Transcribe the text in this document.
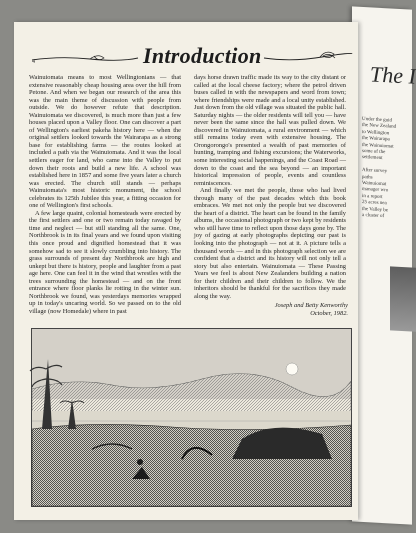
The I
Under the guid
the New Zealand
to Wellington
the Wairarapa
the Wainuiomat
some of the
settlement

After survey
paths
Wainuiomat
manager wro
in a report
25 acres nea
the Valley be
a cluster of
4	Introduction

Wainuiomata means to most Wellingtonians — that extensive reasonably cheap housing area over the hill from Petone. And when we began our research of the area this was the main theme of discussion with people from outside. We do however refute that description. Wainuiomata we discovered, is much more than just a few houses placed upon a Valley floor. One can discover a part of Wellington's earliest pakeha history here — when the original settlers looked towards the Wairarapa as a strong base for establishing farms — the routes looked at included a path via the Wainuiomata. And it was the local settlers eager for land, who came into the Valley to put down their roots and build a new life. A school was established here in 1857 and some five years later a church was erected. The church still stands — perhaps Wainuiomata's most historic monument, the school celebrates its 125th Jubilee this year, a fitting occasion for one of Wellington's first schools.

A few large quaint, colonial homesteads were erected by the first settlers and one or two remain today ravaged by time and neglect — but still standing all the same. One, Northbrook is in its final years and we found upon visiting this once proud and dignified homestead that it was somehow sad to see it slowly crumbling into history. The grass surrounds of present day Northbrook are high and unkept but there is history, people and laughter from a past age here. One can feel it in the wind that wrestles with the trees surrounding the homestead — and on the front entrance where floor planks lie rotting in the winter sun. Northbrook we found, was yesterdays memories wrapped up in today's uncaring world. So we passed on to the old village (now Homedale) where in past

days horse drawn traffic made its way to the city distant or called at the local cheese factory; where the petrol driven buses called in with the newspapers and word from town; where friendships were made and a local unity established. Just down from the old village was situated the public hall. Saturday nights — the older residents will tell you — have never been the same since the hall was pulled down. We discovered in Wainuiomata, a rural environment — which still remains today even with extensive housing. The Orongorongo's presented a wealth of past memories of hunting, tramping and fishing excursions; the Waterworks, some interesting social happenings, and the Coast Road — down to the coast and the sea beyond — an important historical impression of people, events and countless reminiscences.

And finally we met the people, those who had lived through many of the past decades which this book embraces. We met not only the people but we discovered the heart of a district. The heart can be found in the family albums, the occasional photograph or two kept by residents who still have time to reflect upon those days gone by. The joy of gazing at early photographs depicting our past is looking into the photograph — not at it. A picture tells a thousand words — and in this photograph selection we are confident that a district and its history will not only tell a story but also entertain. Wainuiomata — These Passing Years we feel is about New Zealanders building a nation for their children and their children to follow. We the inheritors should be thankful for the sacrifices they made along the way.

Joseph and Betty Kenworthy
October, 1982.
